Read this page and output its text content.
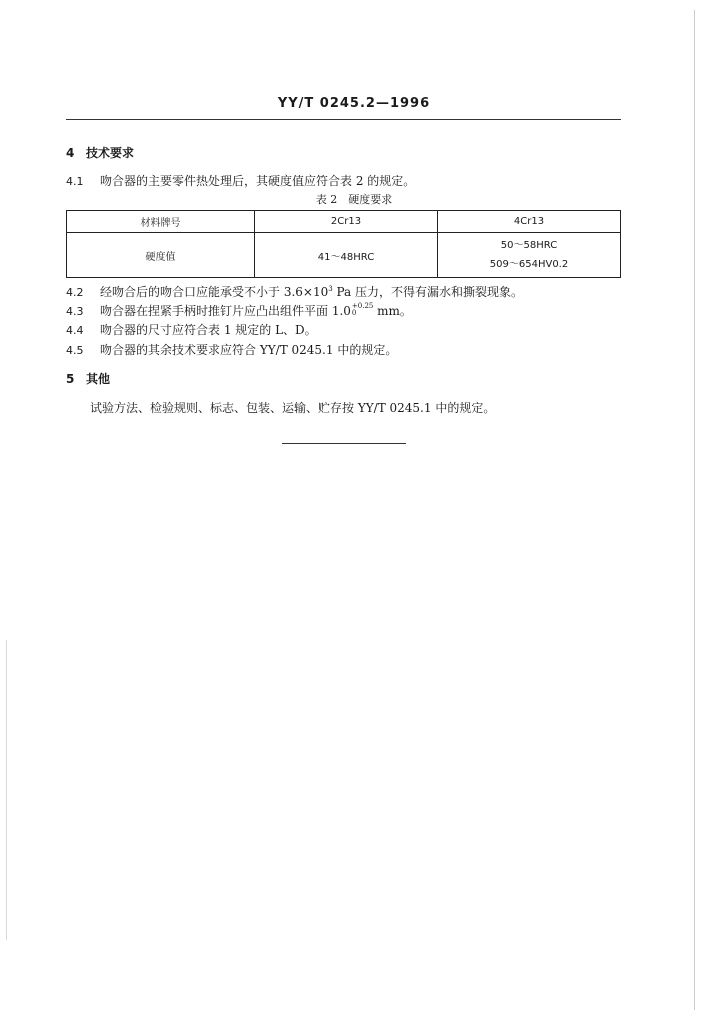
YY/T 0245.2—1996
4 技术要求
4.1 吻合器的主要零件热处理后，其硬度值应符合表 2 的规定。
表 2　硬度要求
材料牌号	2Cr13	4Cr13
硬度值	41～48HRC	50～58HRC
509～654HV0.2
4.2 经吻合后的吻合口应能承受不小于 $3.6\times 10^3$ Pa 压力，不得有漏水和撕裂现象。
4.3 吻合器在捏紧手柄时推钉片应凸出组件平面 1.0 +0.25
0	mm。
4.4 吻合器的尺寸应符合表 1 规定的 L、D。
4.5 吻合器的其余技术要求应符合 YY/T 0245.1 中的规定。
5 其他
试验方法、检验规则、标志、包装、运输、贮存按 YY/T 0245.1 中的规定。
